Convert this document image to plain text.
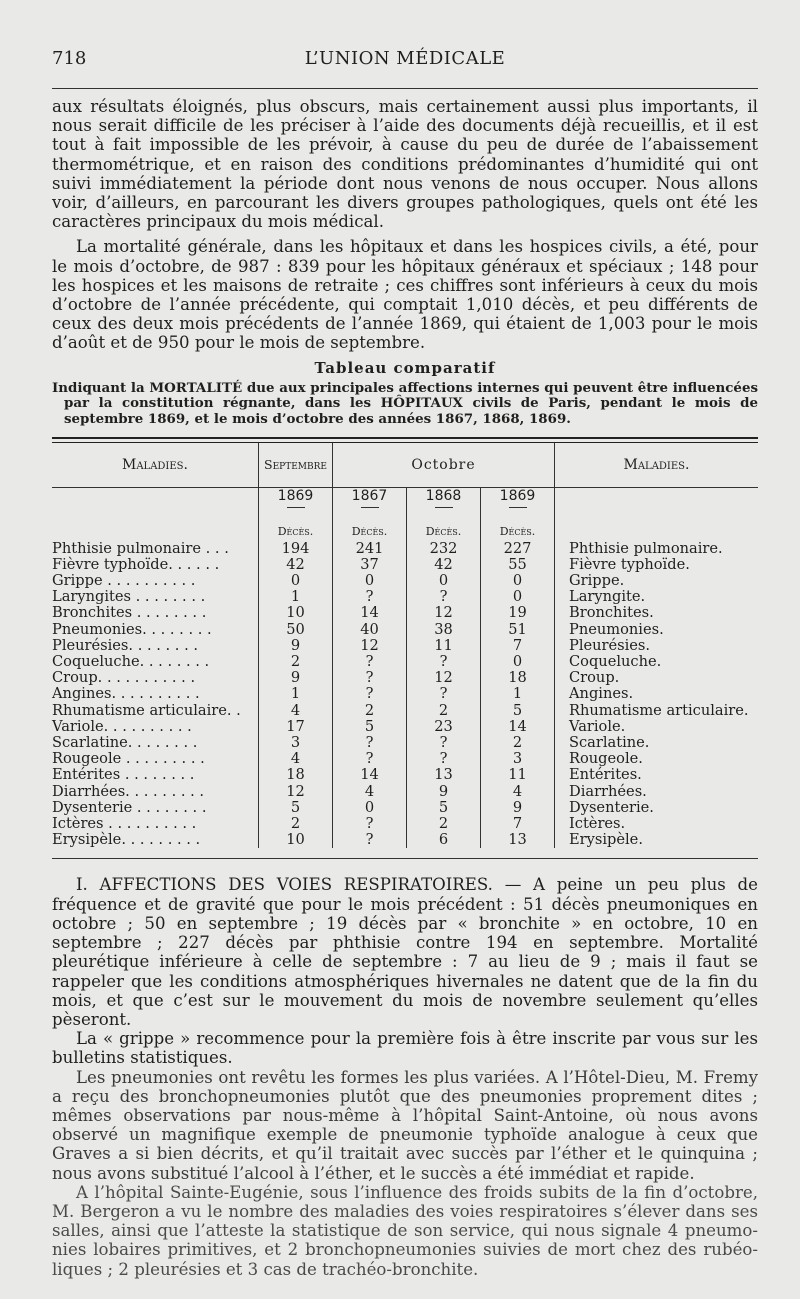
718	L’UNION MÉDICALE

aux résultats éloignés, plus obscurs, mais certainement aussi plus importants, il nous serait difficile de les préciser à l’aide des documents déjà recueillis, et il est tout à fait impossible de les prévoir, à cause du peu de durée de l’abaissement thermométrique, et en raison des conditions prédominantes d’humidité qui ont suivi immédiatement la période dont nous venons de nous occuper. Nous allons voir, d’ailleurs, en parcourant les divers groupes pathologiques, quels ont été les caractères principaux du mois médical.

La mortalité générale, dans les hôpitaux et dans les hospices civils, a été, pour le mois d’octobre, de 987 : 839 pour les hôpitaux généraux et spéciaux ; 148 pour les hospices et les maisons de retraite ; ces chiffres sont inférieurs à ceux du mois d’octobre de l’année précédente, qui comptait 1,010 décès, et peu différents de ceux des deux mois précédents de l’année 1869, qui étaient de 1,003 pour le mois d’août et de 950 pour le mois de septembre.

Tableau comparatif

Indiquant la MORTALITÉ due aux principales affections internes qui peuvent être influencées par la constitution régnante, dans les HÔPITAUX civils de Paris, pendant le mois de septembre 1869, et le mois d’octobre des années 1867, 1868, 1869.

Maladies.	Septembre	Octobre			Maladies.
	1869	1867	1868	1869

	Décès.	Décès.	Décès.	Décès.	
Phthisie pulmonaire . . .	194	241	232	227	Phthisie pulmonaire.
Fièvre typhoïde. . . . . .	42	37	42	55	Fièvre typhoïde.
Grippe . . . . . . . . . .	0	0	0	0	Grippe.
Laryngites . . . . . . . .	1	?	?	0	Laryngite.
Bronchites . . . . . . . .	10	14	12	19	Bronchites.
Pneumonies. . . . . . . .	50	40	38	51	Pneumonies.
Pleurésies. . . . . . . .	9	12	11	7	Pleurésies.
Coqueluche. . . . . . . .	2	?	?	0	Coqueluche.
Croup. . . . . . . . . . .	9	?	12	18	Croup.
Angines. . . . . . . . . .	1	?	?	1	Angines.
Rhumatisme articulaire. .	4	2	2	5	Rhumatisme articulaire.
Variole. . . . . . . . . .	17	5	23	14	Variole.
Scarlatine. . . . . . . .	3	?	?	2	Scarlatine.
Rougeole . . . . . . . . .	4	?	?	3	Rougeole.
Entérites . . . . . . . .	18	14	13	11	Entérites.
Diarrhées. . . . . . . . .	12	4	9	4	Diarrhées.
Dysenterie . . . . . . . .	5	0	5	9	Dysenterie.
Ictères . . . . . . . . . .	2	?	2	7	Ictères.
Erysipèle. . . . . . . . .	10	?	6	13	Erysipèle.

I. AFFECTIONS DES VOIES RESPIRATOIRES. — A peine un peu plus de fréquence et de gravité que pour le mois précédent : 51 décès pneumoniques en octobre ; 50 en septembre ; 19 décès par « bronchite » en octobre, 10 en septembre ; 227 décès par phthisie contre 194 en septembre. Mortalité pleurétique inférieure à celle de septembre : 7 au lieu de 9 ; mais il faut se rappeler que les conditions atmosphériques hivernales ne datent que de la fin du mois, et que c’est sur le mouvement du mois de novembre seulement qu’elles pèseront.

La « grippe » recommence pour la première fois à être inscrite par vous sur les bulletins statistiques.

Les pneumonies ont revêtu les formes les plus variées. A l’Hôtel-Dieu, M. Fremy a reçu des bronchopneumonies plutôt que des pneumonies proprement dites ; mêmes observations par nous-même à l’hôpital Saint-Antoine, où nous avons observé un magnifique exemple de pneumonie typhoïde analogue à ceux que Graves a si bien décrits, et qu’il traitait avec succès par l’éther et le quinquina ; nous avons substitué l’alcool à l’éther, et le succès a été immédiat et rapide.

A l’hôpital Sainte-Eugénie, sous l’influence des froids subits de la fin d’octobre, M. Bergeron a vu le nombre des maladies des voies respiratoires s’élever dans ses salles, ainsi que l’atteste la statistique de son service, qui nous signale 4 pneumonies lobaires primitives, et 2 bronchopneumonies suivies de mort chez des rubéoliques ; 2 pleurésies et 3 cas de trachéo-bronchite.
